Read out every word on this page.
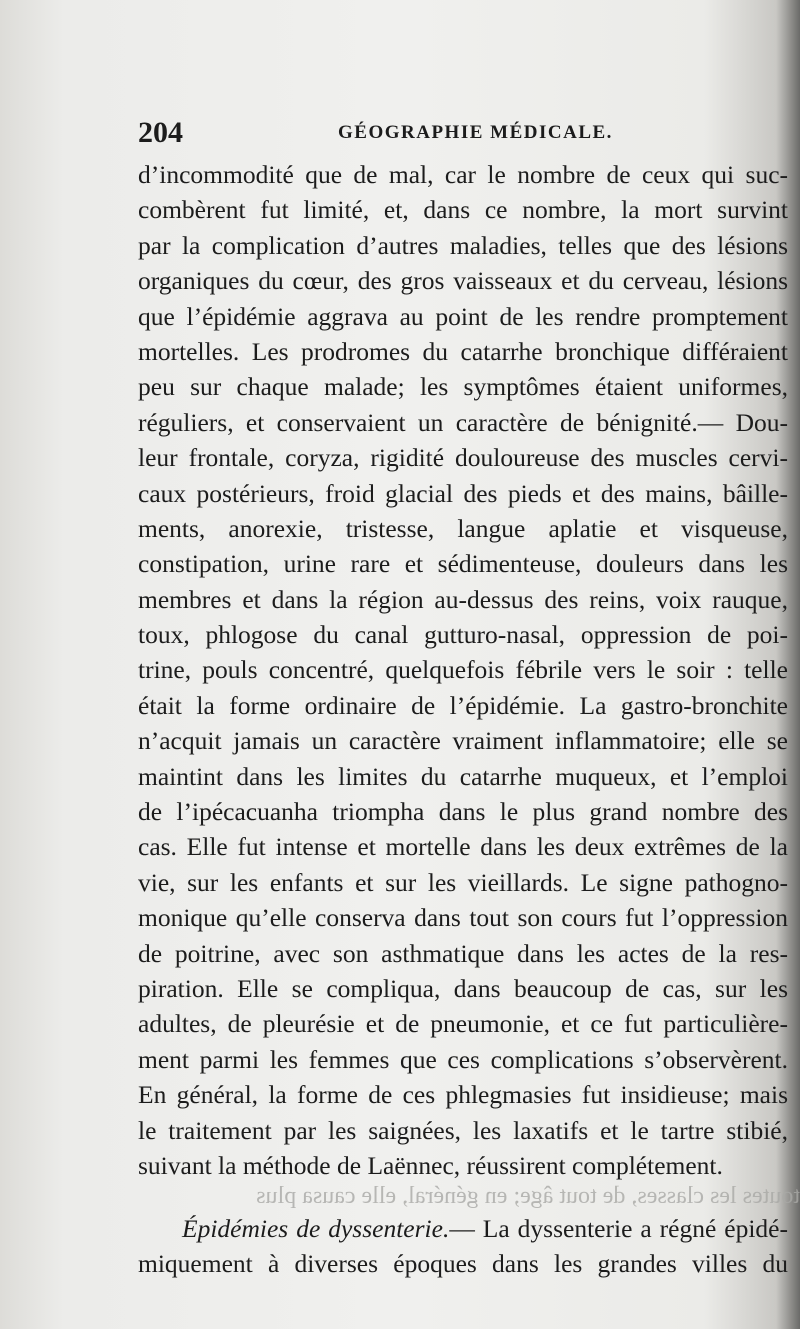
204	GÉOGRAPHIE MÉDICALE.
d’incommodité que de mal, car le nombre de ceux qui suc-
combèrent fut limité, et, dans ce nombre, la mort survint
par la complication d’autres maladies, telles que des lésions
organiques du cœur, des gros vaisseaux et du cerveau, lésions
que l’épidémie aggrava au point de les rendre promptement
mortelles. Les prodromes du catarrhe bronchique différaient
peu sur chaque malade; les symptômes étaient uniformes,
réguliers, et conservaient un caractère de bénignité.— Dou-
leur frontale, coryza, rigidité douloureuse des muscles cervi-
caux postérieurs, froid glacial des pieds et des mains, bâille-
ments, anorexie, tristesse, langue aplatie et visqueuse,
constipation, urine rare et sédimenteuse, douleurs dans les
membres et dans la région au-dessus des reins, voix rauque,
toux, phlogose du canal gutturo-nasal, oppression de poi-
trine, pouls concentré, quelquefois fébrile vers le soir : telle
était la forme ordinaire de l’épidémie. La gastro-bronchite
n’acquit jamais un caractère vraiment inflammatoire; elle se
maintint dans les limites du catarrhe muqueux, et l’emploi
de l’ipécacuanha triompha dans le plus grand nombre des
cas. Elle fut intense et mortelle dans les deux extrêmes de la
vie, sur les enfants et sur les vieillards. Le signe pathogno-
monique qu’elle conserva dans tout son cours fut l’oppression
de poitrine, avec son asthmatique dans les actes de la res-
piration. Elle se compliqua, dans beaucoup de cas, sur les
adultes, de pleurésie et de pneumonie, et ce fut particulière-
ment parmi les femmes que ces complications s’observèrent.
En général, la forme de ces phlegmasies fut insidieuse; mais
le traitement par les saignées, les laxatifs et le tartre stibié,
suivant la méthode de Laënnec, réussirent complétement.
toutes les classes, de tout âge; en général, elle causa plus
Épidémies de dyssenterie.— La dyssenterie a régné épidé-
miquement à diverses époques dans les grandes villes du
